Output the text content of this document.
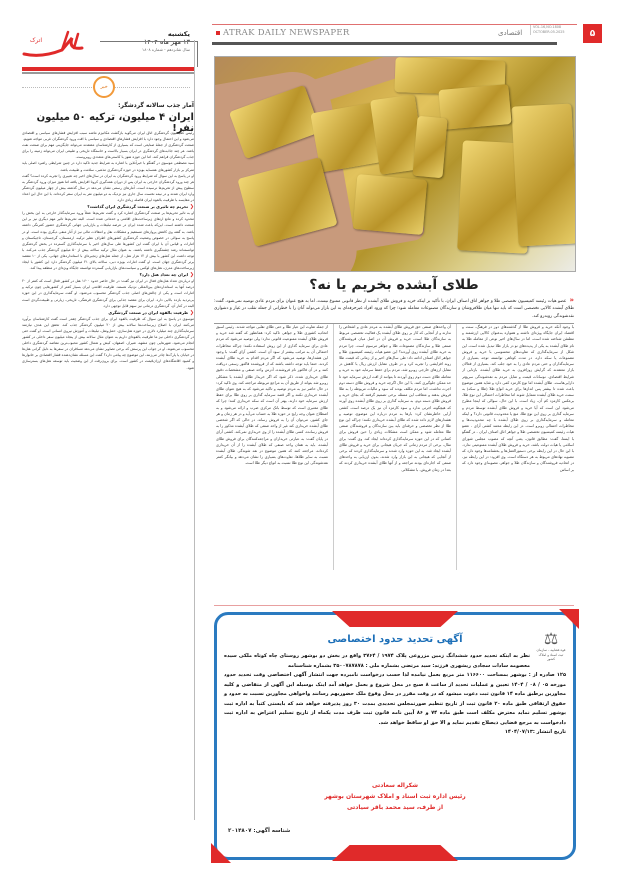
اترک
یکشنبه
۱۳ مهر ماه ۱۴۰۴
سال شانزدهم - شماره ۱۸۰۸
خبر
آمار جذب سالانه گردشگر:
ایران ۴ میلیون، ترکیه ۵۰ میلیون نفر!

رئیس کمیسیون گردشگری اتاق ایران می‌گوید بازگشت مکانیزم ماشه سبب افزایش فشارهای سیاسی و اقتصادی می‌شود و این احتمال وجود دارد با افزایش فشارهای اقتصادی و سیاسی با افت ورود گردشگران غربی مواجه شویم.

صنعت گردشگری از جملهٔ صنایعی است که بسیاری از کارشناسان معتقدند می‌تواند جایگزینی مهم برای صنعت نفت باشد. هر چند جاذبه‌های گردشگری در ایران بسیار بالاست و خاستگاه تاریخی و طبیعی ایران می‌تواند زمینه را برای جذب گردشگران فراهم کند، اما این حوزه هنوز با کاستی‌های متعددی روبروست.

سید مصطفی موسوی در گفتگو با خبرآنلاین با اشاره به شرایط جدید تاکید دارد در چنین شرایطی راهبرد اصلی باید تمرکز بر بازار کشورهای همسایه بویژه در حوزه گردشگری مذهبی، سلامت و طبیعت باشد.

او در پاسخ به این سوال که شرایط ورود گردشگران به ایران در سال‌های اخیر چه تغییری را تجربه کرده است؟ گفت هر چند ورود گردشگران خارجی به ایران پس از دوران همه‌گیری کرونا افزایش یافته اما هنوز میزان ورود گردشگر به سطوح پیش از تحریم‌ها نرسیده است. آمارهای رسمی نشان می‌دهد در سال گذشته بیش از چهار میلیون گردشگر وارد ایران شدند و در نیمه نخست سال جاری نیز نزدیک به دو میلیون نفر به ایران سفر کرده‌اند. با این حال این اعداد در مقایسه با ظرفیت بالقوه ایران فاصله زیادی دارد.

❮ تحریم چه تاثیری بر صنعت گردشگری ایران گذاشت؟

او به تاثیر تحریم‌ها بر صنعت گردشگری اشاره کرد و گفت تحریم‌ها عملاً ورود سرمایه‌گذار خارجی به این بخش را محدود کرده و مانع ارتقای زیرساخت‌های اقامتی و خدماتی شده است. البته تحریم‌ها تاثیر مهم دیگری نیز بر این صنعت داشته است. این‌که باعث شده ایران در عرصه تبلیغات و بازاریابی جهانی گردشگری حضور کمرنگی داشته باشد. به گفته وی کاهش پروازهای مستقیم و مشکلات نقل و انتقالات مالی نیز از آثار منفی دیگری بوده است. او در پاسخ به سوالی در خصوص وضعیت گردشگری کشورهای اطراف نظیر ترکیه، ارمنستان، گرجستان، تاجیکستان و امارات و قیاس آن با ایران گفت این کشورها طی سال‌های اخیر با سرمایه‌گذاری گسترده در بخش گردشگری توانسته‌اند رشد چشمگیری داشته باشند. به عنوان مثال ترکیه سالانه بیش از ۵۰ میلیون گردشگر جذب می‌کند. با توجه داشت این کشور با بیش از ۱۲ هزار هتل، از جمله هتل‌های زنجیره‌ای با استانداردهای جهانی، یکی از ۱۰ مقصد برتر گردشگری جهان است. او گفت امارات بویژه دبی، سالانه بالای ۲۱ میلیون گردشگر دارد این کشور با ایجاد زیرساخت‌های مدرن، هتل‌های لوکس و سیاست‌های بازاریابی گسترده توانسته جایگاه ویژه‌ای در منطقه پیدا کند.

❮ ایران چه تعداد هتل دارد؟

او درباره‌ی تعداد هتل‌های فعال در ایران نیز گفت: در حال حاضر حدود ۱۶۰۰ هتل در کشور فعال است که کمتر از ۲۰ درصد آنها به استانداردهای بین‌المللی نزدیک هستند. ظرفیت اقامتی ایران بسیار کمتر از کشورهایی چون ترکیه و امارات است و یکی از چالش‌های اصلی جذب گردشگر محسوب می‌شود. او گفت سرمایه‌گذاری در این حوزه بی‌تردید بازده بالایی دارد. ایران برای مقصد جذابی برای گردشگری فرهنگی، تاریخی، زیارتی و طبیعت‌گردی است البته در کنار آن، گردشگری درمانی نیز سهم قابل توجهی دارد.

❮ ظرفیت بالقوه ایران در صنعت گردشگری

موسوی در پاسخ به این سوال که ظرفیت بالقوه ایران برای جذب گردشگر چقدر است گفت کارشناسان برآورد می‌کنند ایران با اصلاح زیرساخت‌ها سالانه بیش از ۲۰ میلیون گردشگر جذب کند. تحقق این هدف نیازمند سرمایه‌گذاری چند میلیارد دلاری در حوزه هتل‌سازی، حمل‌ونقل، تبلیغات و آموزش نیروی انسانی است. او گفت حتی در گردشگری داخلی نیز ما ظرفیت بالقوه‌ای داریم به عنوان مثال سالانه بیش از پنجاه میلیون سفر داخلی در کشور انجام می‌شود. شهرهایی چون مشهد، شیراز، اصفهان، کیش و شمال کشور محبوب‌ترین مقاصد گردشگری داخلی محسوب می‌شوند. او در جواب این پرسش که برخی تصاویر نشان می‌دهد مسافران در سفرها به دلیل گرانی هتل‌ها در خیابان یا پارک‌ها چادر می‌زنند، این موضوع چه پیامی دارد؟ گفت این مسئله نشان‌دهنده فشار اقتصادی بر خانوارها و کمبود اقامتگاه‌های ارزان‌قیمت در کشور است. برای برون‌رفت از این وضعیت باید توسعه هتل‌های بسترسازی شود.

ATRAK DAILY NEWSPAPER	اقتصادی
VOL.16,NO.1808
OCTOBER.05.2025	۵
طلای آبشده بخریم یا نه؟
« عضو هیات رئیسه کمیسیون تخصصی طلا و جواهر اتاق اصناف ایران، با تأکید بر اینکه خرید و فروش طلای آبشده از نظر قانونی ممنوع نیست، اما به هیچ عنوان برای مردم عادی توصیه نمی‌شود، گفت: طلای آبشده کالایی تخصصی است که باید تنها میان طلافروشان و سازندگان مصنوعات معامله شود؛ چرا که ورود افراد غیرحرفه‌ای به این بازار می‌تواند آنان را با خطراتی از جمله تقلب در عیار و دشواری نقدشوندگی روبه‌رو کند.
با وجود آنکه خرید و فروش طلا از گذشته‌های دور در فرهنگ، سنت و اقتصاد ایران جایگاه ویژه‌ای داشته و همواره به‌عنوان کالایی ارزشمند و مطمئن شناخته شده است، اما در سال‌های اخیر نوعی از معامله طلا به نام طلای آبشده به یکی از پدیده‌های نو در بازار طلا تبدیل شده است. این شکل از سرمایه‌گذاری که تفاوت‌های محسوسی با خرید و فروش مصنوعات یا سکه دارد، در مدت کوتاهی توانسته توجه بسیاری از سرمایه‌گذاران و حتی مردم عادی را به خود جلب کند. بسیاری از فعالان بازار معتقدند که گرایش روزافزون به خرید طلای آبشده، بازتابی از شرایط اقتصادی، نوسانات قیمت و تمایل مردم به نقدشوندگی سریع‌تر دارایی‌هاست. طلای آبشده اما نوع کارمزد کمی دارد و شاید همین موضوع باعث شده تا بیشتر پس اندازها برای خرید انواع طلا (طلا و سکه) به سمت خرید طلای آبشده متمایل شوند اما مخاطرات احتمالی این نوع طلا، برعکس کارمزد کم آن، زیاد است. با این حال، سوالی که اینجا مطرح می‌شود این است که آیا خرید و فروش طلای آبشده توسط مردم و سرمایه گذاری بر روی این نوع طلا، منع یا محدودیت قانونی دارد؟ و اینکه معامله و سرمایه‌گذاری بر روی طلای آبشده با چه محدودیت‌ها و مخاطرات احتمالی روبرو است. در این رابطه محمد کشتی آرای - عضو هیات رئیسه کمیسیون تخصصی طلا و جواهر اتاق اصناف ایران - در گفتگو با ایسنا، گفت: مطابق قانون، یعنی آنچه که مصوب مجلس شورای اسلامی یا هیات دولت باشد، خرید و فروش طلای آبشده ممنوعیتی ندارد. با این حال در این رابطه برخی دستورالعمل‌ها و بخشنامه‌ها وجود دارد که مصوبه نهادهای مربوط به هر دستگاه است. وی افزود: در این رابطه نیز، در اتحادیه فروشندگان و سازندگان طلا و جواهر، مصوبه‌ای وجود دارد که بر اساس
آن واحدهای صنفی حق فروش طلای آبشده به مردم عادی و اشخاص را ندارند و از آنجایی که کار بر روی طلای آبشده یک فعالیت تخصصی مربوط به سازندگان طلا است، خرید و فروش آن در اصل میان فروشندگان صنفی طلا و سازندگان مصنوعات طلا و جواهر مرسوم است. چرا مردم به خرید طلای آبشده روی آوردند؟ این عضو هیات رئیسه کمیسیون طلا و جواهر اتاق اصناف ادامه داد: طی سال‌های اخیر و از زمانی که قیمت طلا روند افزایشی را تجربه کرد و در طرف مقابل ارزش ریال با کاهش در مقابل ارزهای خارجی روبرو شد، مردم برای حفظ سرمایه خود به خرید و معامله طلای دست دوم روی آوردند تا بتوانند از افت ارزش سرمایه خود تا حد ممکن جلوگیری کنند. با این حال اگرچه خرید و فروش طلای دسته دوم اجرت نداشت، اما مردم مکلف بودند که سود و مالیات مربوطه را به طلا فروش بدهند و متعاقب این مسئله برخی تصمیم گرفتند که بجای خرید و فروش طلای دسته دوم، به سرمایه گذاری بر روی طلای آبشده روی آورند که هیچگونه اجرتی ندارد و سود کارمزد آن نیز یک درصد است. کشتی آرایی خاطرنشان کرد: بارها به مردم درباره این موضوع، توصیه و هشدارهای لازم داده شده که طلای آبشده خریداری نکنند؛ چراکه این نوع طلا از نظر تخصصی و حرفه‌ای باید بین سازندگان و فروشندگان صنفی طلا معامله شود و ممکن است مشکلات زیادی را حین فروش برای کسانی که در این حوزه سرمایه‌گذاری کرده‌اند ایجاد کند. وی گفت: برای مثال، برخی از مردم زمانی که جریان هیجانی برای خرید و فروش طلای آبشده ایجاد شد، به این حوزه وارد شدند و سرمایه‌گذاری کردند که برخی از آنجایی که هیجانی به این بازار وارد شدند، بدون ارزیابی به واحدهای صنفی که اجاره‌ای بودند مراجعه و از آنها طلای آبشده خریداری کردند که بعدا در زمان فروش، با مشکلاتی
از جمله تفاوت این عیار طلا و حتی طلای تقلبی مواجه شدند. رئیس اسبق اتحادیه کشوری طلا و جواهر، تاکید کرد: همانطور که گفته شد خرید و فروش طلای آبشده ممنوعیت قانونی ندارد؛ ولی توصیه می‌شود که مردم عادی برای سرمایه گذاری از این روش استفاده نکنند؛ چراکه مخاطرات احتمالی آن به مراتب بیشتر از سود آن است. کشتی آرای گفت: با وجود این هشدارها، توصیه می‌شود که اگر مردم اقدام به خرید طلای آبشده کردند، حتما باید توجه داشته باشند که از فروشنده فاکتور رسمی دریافت کنند و در آن فاکتور نام فروشنده، آدرس واحد صنفی و مشخصات دقیق طلای خریداری شده، ذکر شود که اگر خریدار طلای آبشده با مشکلی روبرو شد بتواند از طریق آن به مراجع مربوطه مراجعه کند. وی تاکید کرد: در حال حاضر نیز به مردم توصیه و تاکید می‌شود که به هیچ عنوان طلای آبشده خریداری نکنند و اگر قصد سرمایه گذاری بر روی طلا برای حفظ ارزش سرمایه خود دارند، بهتر آن است که سکه خریداری کنند؛ چرا که طلای معتبری است که توسط بانک مرکزی ضرب و ارائه می‌شود و به اصطلاح عنوان وجه رایج در حوزه طلا به حساب می‌آید و در هر زمان و هر جای کشور، می‌توان آن را به فروش رساند. در حالی که اگر شخصی طلای آبشده خریداری کند غیر از واحد صنفی که طلای آبشده مذکور را به فروش رسانده، کسی طلای آبشده را از وی خریداری نمی‌کند. کشتی آرای در پایان گفت: به عبارتی خریداران و مراجعه‌کنندگان برای فروش طلای آبشده، باید به همان واحد صنفی که طلای آبشده را از آن خریداری کرده‌اند، مراجعه کنند که همین موضوع در نقد شوندگی طلای آبشده نسبت به سایر طلاها، تفاوت‌های بسیاری را نشان می‌دهد و بیانگر کمتر نقدشوندگی این نوع طلا نسبت به انواع دیگر طلا است.
آگهی تحدید حدود اختصاصی	⚖
قوه قضاییه - سازمان ثبت اسناد و املاک کشور
نظر به اینکه تحدید حدود ششدانگ زمین مزروعی پلاک ۱۹۷۴ / ۳۷۶۴ واقع در بخش دو بوشهر روستای چاه کوتاه ملکی سیده معصومه سادات سجادی ریشهری فرزند: سید مرتضی بشماره ملی : ۳۵۰۰۷۸۷۸۷۸ بشماره شناسنامه
۱۲۵ صادره از : بوشهر بمساحت ۱۱۶۶۰۰ متر مربع بعمل نیامده لذا حسب درخواست نامبرده جهت انتشار آگهی اختصاصی وقت تحدید حدود مورخه ۰۵ / ۰۸ / ۱۴۰۴ تعیین و عملیات تحدید از ساعت ۸ صبح در محل شروع و بعمل خواهد آمد اینک بوسیله این آگهی از متقاضی و کلیه مجاورین برطبق ماده ۱۴ قانون ثبت دعوت میشود که در وقت مقرر در محل وقوع ملک حضوربهم رسانند واخواهی مجاورین نسبت به حدود و حقوق ارتفاقی طبق ماده ۲۰ قانون ثبت از تاریخ تنظیم صورتمجلس تحدیدی بمدت ۳۰ روز پذیرفته خواهد شد که بایستی کتباً به اداره ثبت بوشهر تسلیم نماید معترض مکلف است طبق ماده ۷۴ و ۸۶ آیین نامه قانون ثبت ظرف مدت یکماه از تاریخ تسلیم اعتراض به اداره ثبت دادخواست به مرجع قضایی ذیصلاح تقدیم نماید و الا حق او ساقط خواهد شد.
تاریخ انتشار :۱۴۰۴/۰۷/۱۳
شکراله سعادتی
رئیس اداره ثبت اسناد و املاک شهرستان بوشهر
از طرف، سید محمد باقر سیادتی
شناسه آگهی: ۲۰۱۴۸۰۷
